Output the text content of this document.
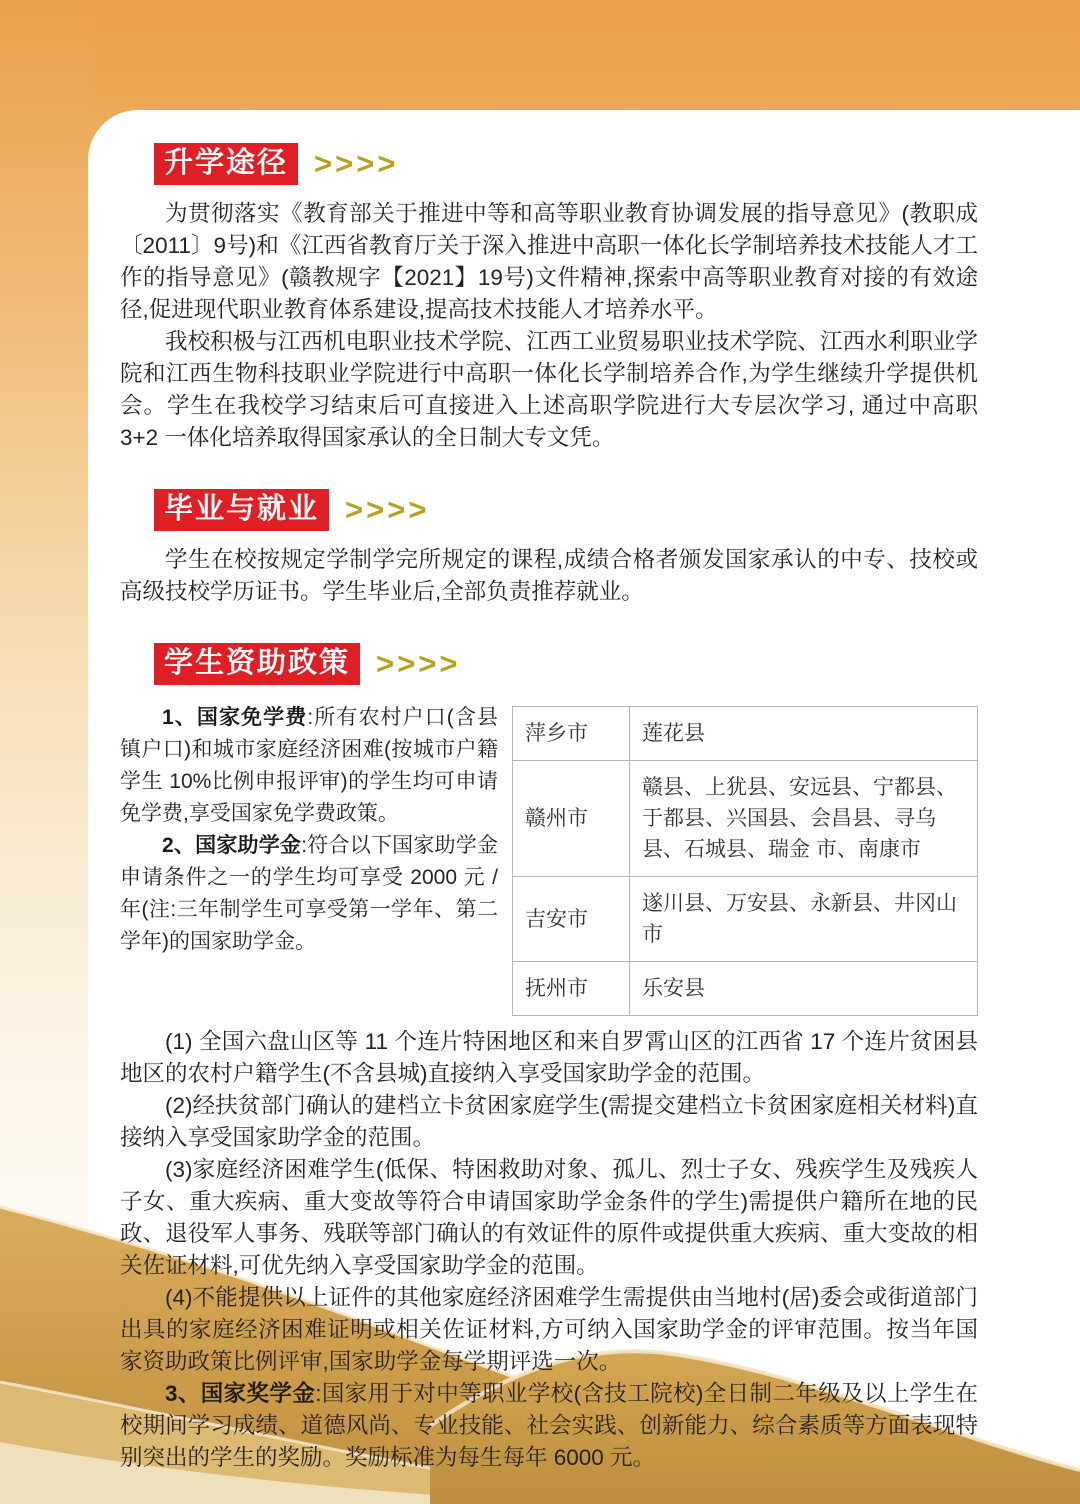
升学途径 >>>>

为贯彻落实《教育部关于推进中等和高等职业教育协调发展的指导意见》(教职成〔2011〕9号)和《江西省教育厅关于深入推进中高职一体化长学制培养技术技能人才工作的指导意见》(赣教规字【2021】19号)文件精神,探索中高等职业教育对接的有效途径,促进现代职业教育体系建设,提高技术技能人才培养水平。

我校积极与江西机电职业技术学院、江西工业贸易职业技术学院、江西水利职业学院和江西生物科技职业学院进行中高职一体化长学制培养合作,为学生继续升学提供机会。学生在我校学习结束后可直接进入上述高职学院进行大专层次学习, 通过中高职 3+2 一体化培养取得国家承认的全日制大专文凭。

毕业与就业 >>>>

学生在校按规定学制学完所规定的课程,成绩合格者颁发国家承认的中专、技校或高级技校学历证书。学生毕业后,全部负责推荐就业。

学生资助政策 >>>>

1、国家免学费:所有农村户口(含县镇户口)和城市家庭经济困难(按城市户籍学生 10%比例申报评审)的学生均可申请免学费,享受国家免学费政策。

2、国家助学金:符合以下国家助学金申请条件之一的学生均可享受 2000 元 / 年(注:三年制学生可享受第一学年、第二学年)的国家助学金。

萍乡市	莲花县
赣州市	赣县、上犹县、安远县、宁都县、于都县、兴国县、会昌县、寻乌县、石城县、瑞金 市、南康市
吉安市	遂川县、万安县、永新县、井冈山市
抚州市	乐安县

(1) 全国六盘山区等 11 个连片特困地区和来自罗霄山区的江西省 17 个连片贫困县地区的农村户籍学生(不含县城)直接纳入享受国家助学金的范围。

(2)经扶贫部门确认的建档立卡贫困家庭学生(需提交建档立卡贫困家庭相关材料)直接纳入享受国家助学金的范围。

(3)家庭经济困难学生(低保、特困救助对象、孤儿、烈士子女、残疾学生及残疾人子女、重大疾病、重大变故等符合申请国家助学金条件的学生)需提供户籍所在地的民政、退役军人事务、残联等部门确认的有效证件的原件或提供重大疾病、重大变故的相关佐证材料,可优先纳入享受国家助学金的范围。

(4)不能提供以上证件的其他家庭经济困难学生需提供由当地村(居)委会或街道部门出具的家庭经济困难证明或相关佐证材料,方可纳入国家助学金的评审范围。按当年国家资助政策比例评审,国家助学金每学期评选一次。

3、国家奖学金:国家用于对中等职业学校(含技工院校)全日制二年级及以上学生在校期间学习成绩、道德风尚、专业技能、社会实践、创新能力、综合素质等方面表现特别突出的学生的奖励。奖励标准为每生每年 6000 元。
